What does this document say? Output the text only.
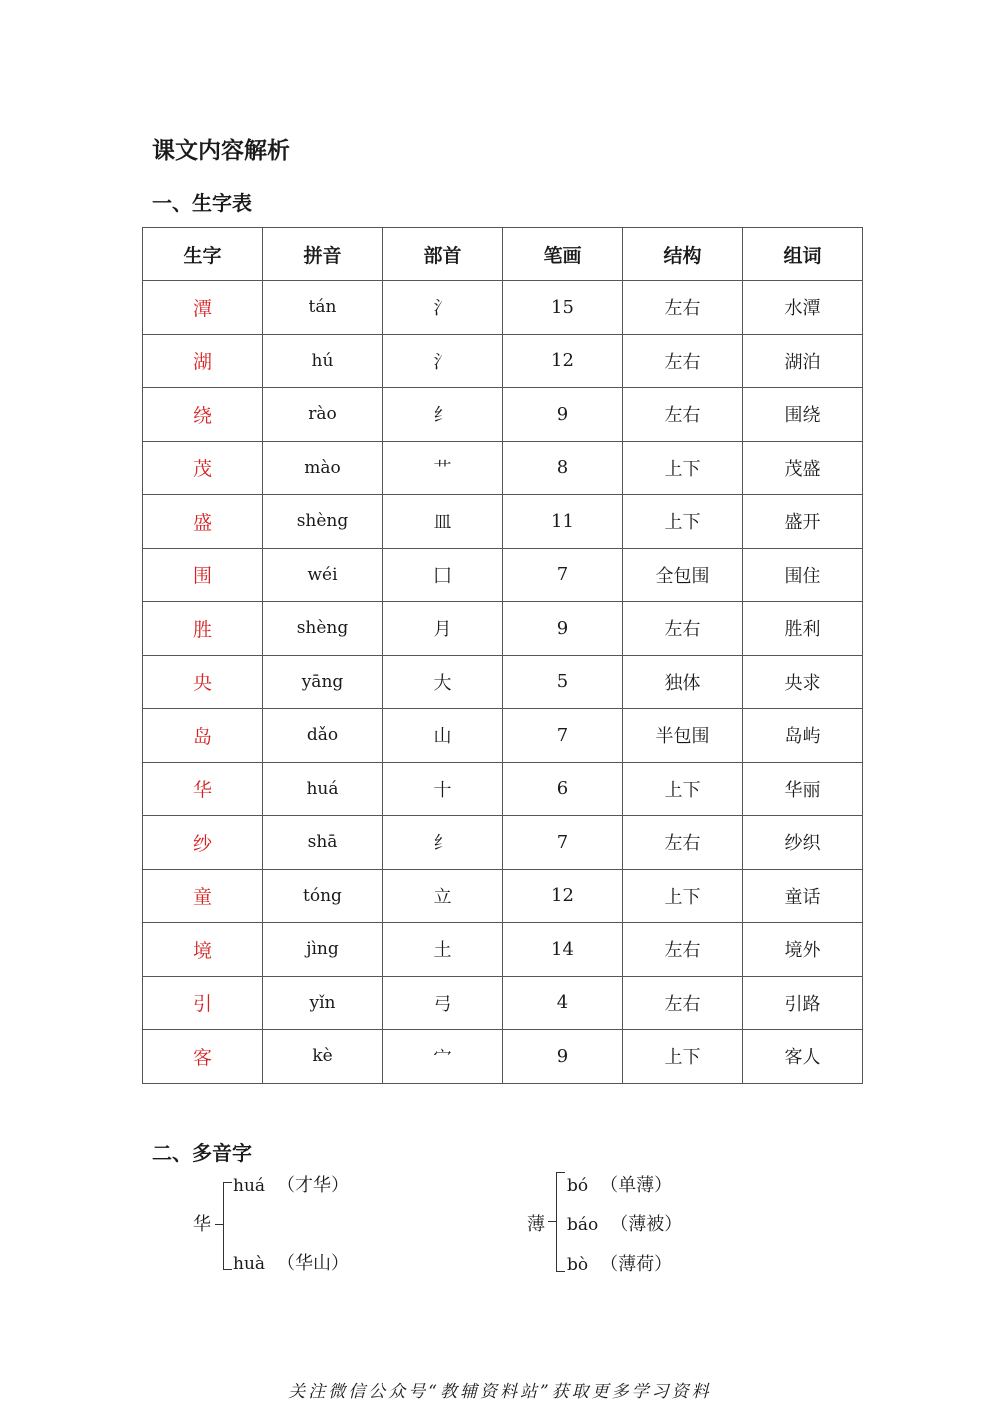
课文内容解析
一、生字表
生字	拼音	部首	笔画	结构	组词
潭	tán	氵	15	左右	水潭
湖	hú	氵	12	左右	湖泊
绕	rào	纟	9	左右	围绕
茂	mào	艹	8	上下	茂盛
盛	shèng	皿	11	上下	盛开
围	wéi	囗	7	全包围	围住
胜	shèng	月	9	左右	胜利
央	yāng	大	5	独体	央求
岛	dǎo	山	7	半包围	岛屿
华	huá	十	6	上下	华丽
纱	shā	纟	7	左右	纱织
童	tóng	立	12	上下	童话
境	jìng	土	14	左右	境外
引	yǐn	弓	4	左右	引路
客	kè	宀	9	上下	客人
二、多音字
华
huá （才华）
huà （华山）
薄
bó （单薄）
báo （薄被）
bò （薄荷）
关注微信公众号“教辅资料站”获取更多学习资料
